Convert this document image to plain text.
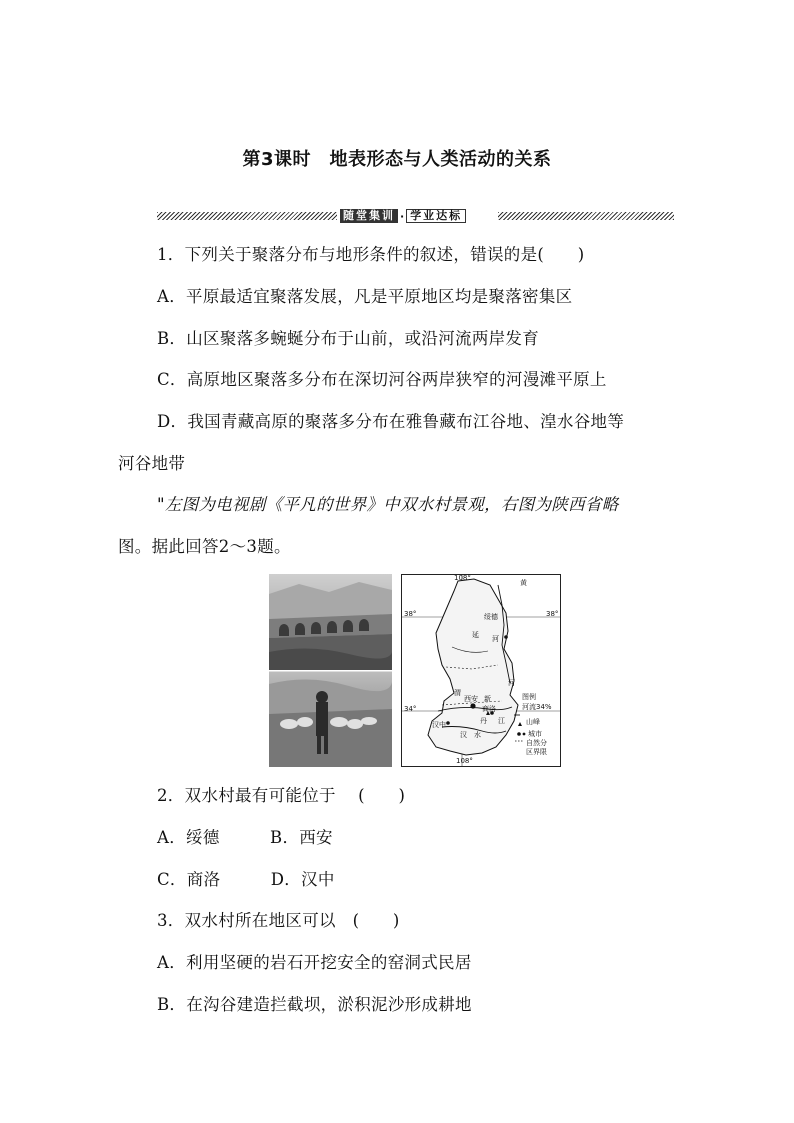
第3课时　地表形态与人类活动的关系
随堂集训 · 学业达标
1．下列关于聚落分布与地形条件的叙述，错误的是(　　)
A．平原最适宜聚落发展，凡是平原地区均是聚落密集区
B．山区聚落多蜿蜒分布于山前，或沿河流两岸发育
C．高原地区聚落多分布在深切河谷两岸狭窄的河漫滩平原上
D．我国青藏高原的聚落多分布在雅鲁藏布江谷地、湟水谷地等
河谷地带
"左图为电视剧《平凡的世界》中双水村景观，右图为陕西省略
图。据此回答2～3题。
108°
黄
38°	38°
绥德
延 河
河
渭
西安 新
商洛
丹 江
34°
汉中
汉 水
108°
图例
河流34%
山峰
城市
自然分
区界限
2．双水村最有可能位于　 (　　)
A．绥德　　　B．西安
C．商洛　　　D．汉中
3．双水村所在地区可以　(　　)
A．利用坚硬的岩石开挖安全的窑洞式民居
B．在沟谷建造拦截坝，淤积泥沙形成耕地
